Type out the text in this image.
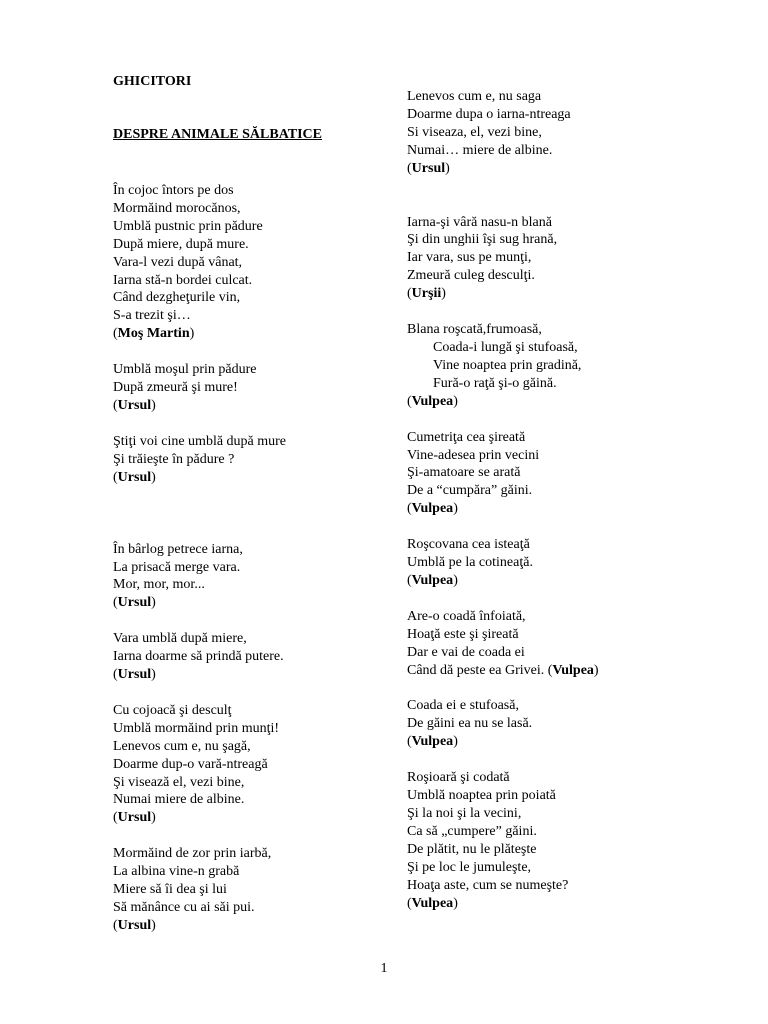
GHICITORI
DESPRE ANIMALE SĂLBATICE
În cojoc întors pe dos
Mormăind morocănos,
Umblă pustnic prin pădure
După miere, după mure.
Vara-l vezi după vânat,
Iarna stă-n bordei culcat.
Când dezgheţurile vin,
S-a trezit şi…
(Moş Martin)
Umblă moşul prin pădure
După zmeură şi mure!
(Ursul)
Ştiţi voi cine umblă după mure
Şi trăieşte în pădure ?
(Ursul)
În bârlog petrece iarna,
La prisacă merge vara.
Mor, mor, mor...
(Ursul)
Vara umblă după miere,
Iarna doarme să prindă putere.
(Ursul)
Cu cojoacă şi desculţ
Umblă mormăind prin munţi!
Lenevos cum e, nu şagă,
Doarme dup-o vară-ntreagă
Şi visează el, vezi bine,
Numai miere de albine.
(Ursul)
Mormăind de zor prin iarbă,
La albina vine-n grabă
Miere să îi dea şi lui
Să mănânce cu ai săi pui.
(Ursul)
Lenevos cum e, nu saga
Doarme dupa o iarna-ntreaga
Si viseaza, el, vezi bine,
Numai… miere de albine.
(Ursul)
Iarna-şi vâră nasu-n blană
Şi din unghii îşi sug hrană,
Iar vara, sus pe munţi,
Zmeură culeg desculţi.
(Urşii)
Blana roşcată,frumoasă,
Coada-i lungă şi stufoasă,
Vine noaptea prin gradină,
Fură-o raţă şi-o găină.
(Vulpea)
Cumetriţa cea şireată
Vine-adesea prin vecini
Şi-amatoare se arată
De a “cumpăra” găini.
(Vulpea)
Roşcovana cea isteaţă
Umblă pe la cotineaţă.
(Vulpea)
Are-o coadă înfoiată,
Hoaţă este şi şireată
Dar e vai de coada ei
Când dă peste ea Grivei. (Vulpea)
Coada ei e stufoasă,
De găini ea nu se lasă.
(Vulpea)
Roşioară şi codată
Umblă noaptea prin poiată
Şi la noi şi la vecini,
Ca să „cumpere” găini.
De plătit, nu le plăteşte
Şi pe loc le jumuleşte,
Hoaţa aste, cum se numeşte?
(Vulpea)
1
